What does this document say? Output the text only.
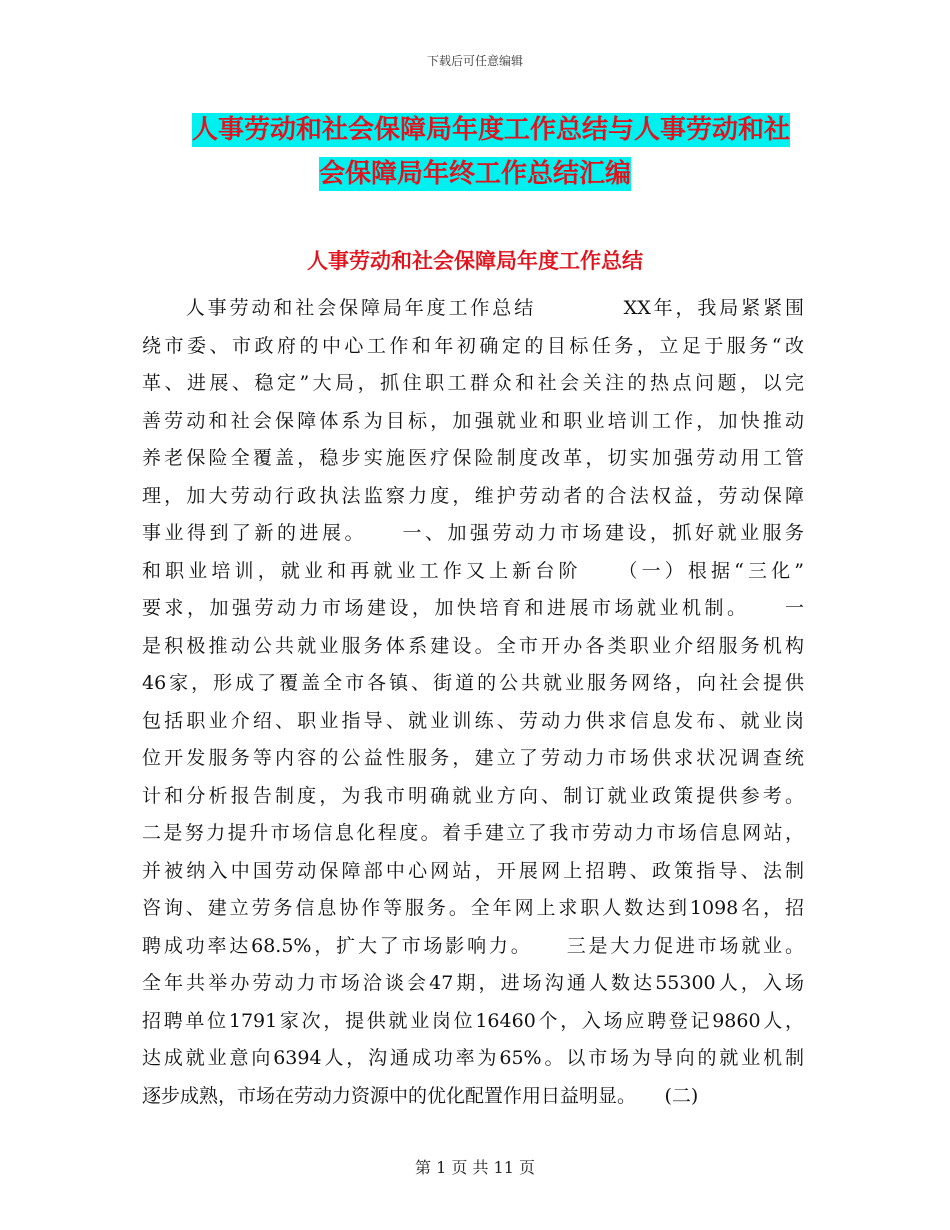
下载后可任意编辑
人事劳动和社会保障局年度工作总结与人事劳动和社
会保障局年终工作总结汇编
人事劳动和社会保障局年度工作总结
　　人事劳动和社会保障局年度工作总结　　　　XX年，我局紧紧围
绕市委、市政府的中心工作和年初确定的目标任务，立足于服务“改
革、进展、稳定”大局，抓住职工群众和社会关注的热点问题，以完
善劳动和社会保障体系为目标，加强就业和职业培训工作，加快推动
养老保险全覆盖，稳步实施医疗保险制度改革，切实加强劳动用工管
理，加大劳动行政执法监察力度，维护劳动者的合法权益，劳动保障
事业得到了新的进展。　　一、加强劳动力市场建设，抓好就业服务
和职业培训，就业和再就业工作又上新台阶　　（一）根据“三化”
要求，加强劳动力市场建设，加快培育和进展市场就业机制。　　一
是积极推动公共就业服务体系建设。全市开办各类职业介绍服务机构
46家，形成了覆盖全市各镇、街道的公共就业服务网络，向社会提供
包括职业介绍、职业指导、就业训练、劳动力供求信息发布、就业岗
位开发服务等内容的公益性服务，建立了劳动力市场供求状况调查统
计和分析报告制度，为我市明确就业方向、制订就业政策提供参考。
二是努力提升市场信息化程度。着手建立了我市劳动力市场信息网站，
并被纳入中国劳动保障部中心网站，开展网上招聘、政策指导、法制
咨询、建立劳务信息协作等服务。全年网上求职人数达到1098名，招
聘成功率达68.5%，扩大了市场影响力。　　三是大力促进市场就业。
全年共举办劳动力市场洽谈会47期，进场沟通人数达55300人，入场
招聘单位1791家次，提供就业岗位16460个，入场应聘登记9860人，
达成就业意向6394人，沟通成功率为65%。以市场为导向的就业机制
逐步成熟，市场在劳动力资源中的优化配置作用日益明显。　　(二)
第 1 页 共 11 页
